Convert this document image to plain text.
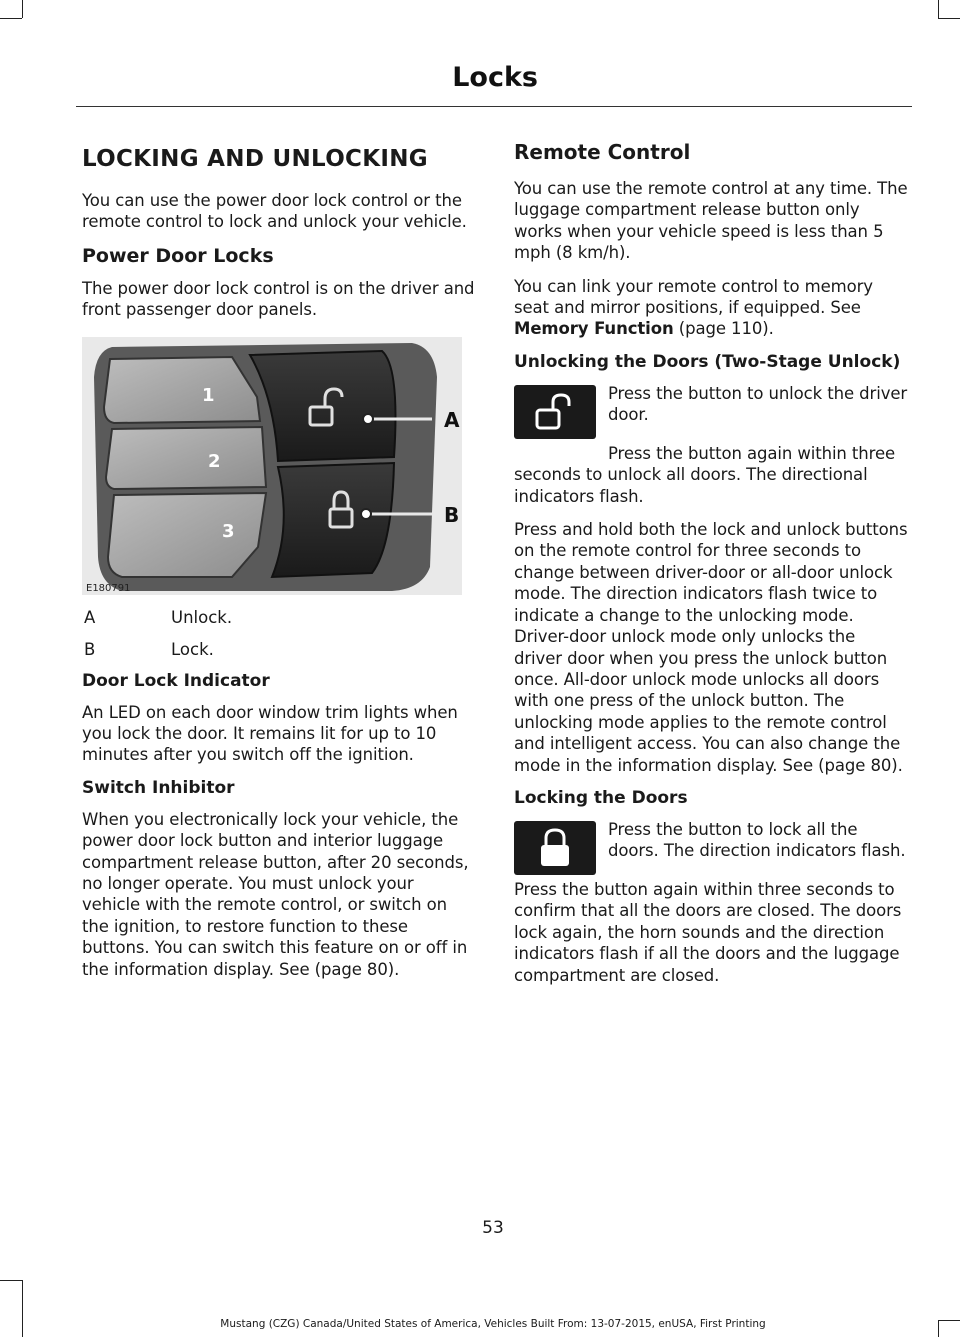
Locks
LOCKING AND UNLOCKING

You can use the power door lock control or the remote control to lock and unlock your vehicle.

Power Door Locks

The power door lock control is on the driver and front passenger door panels.

1
2
3
A
B
E180791
A	Unlock.
B	Lock.
Door Lock Indicator

An LED on each door window trim lights when you lock the door. It remains lit for up to 10 minutes after you switch off the ignition.

Switch Inhibitor

When you electronically lock your vehicle, the power door lock button and interior luggage compartment release button, after 20 seconds, no longer operate. You must unlock your vehicle with the remote control, or switch on the ignition, to restore function to these buttons. You can switch this feature on or off in the information display. See (page 80).

Remote Control

You can use the remote control at any time. The luggage compartment release button only works when your vehicle speed is less than 5 mph (8 km/h).

You can link your remote control to memory seat and mirror positions, if equipped. See Memory Function (page 110).

Unlocking the Doors (Two-Stage Unlock)

Press the button to unlock the driver door.

Press the button again within three seconds to unlock all doors. The directional indicators flash.

Press and hold both the lock and unlock buttons on the remote control for three seconds to change between driver-door or all-door unlock mode. The direction indicators flash twice to indicate a change to the unlocking mode. Driver-door unlock mode only unlocks the driver door when you press the unlock button once. All-door unlock mode unlocks all doors with one press of the unlock button. The unlocking mode applies to the remote control and intelligent access. You can also change the mode in the information display. See (page 80).

Locking the Doors

Press the button to lock all the doors. The direction indicators flash.

Press the button again within three seconds to confirm that all the doors are closed. The doors lock again, the horn sounds and the direction indicators flash if all the doors and the luggage compartment are closed.

53
Mustang (CZG) Canada/United States of America, Vehicles Built From: 13-07-2015, enUSA, First Printing
